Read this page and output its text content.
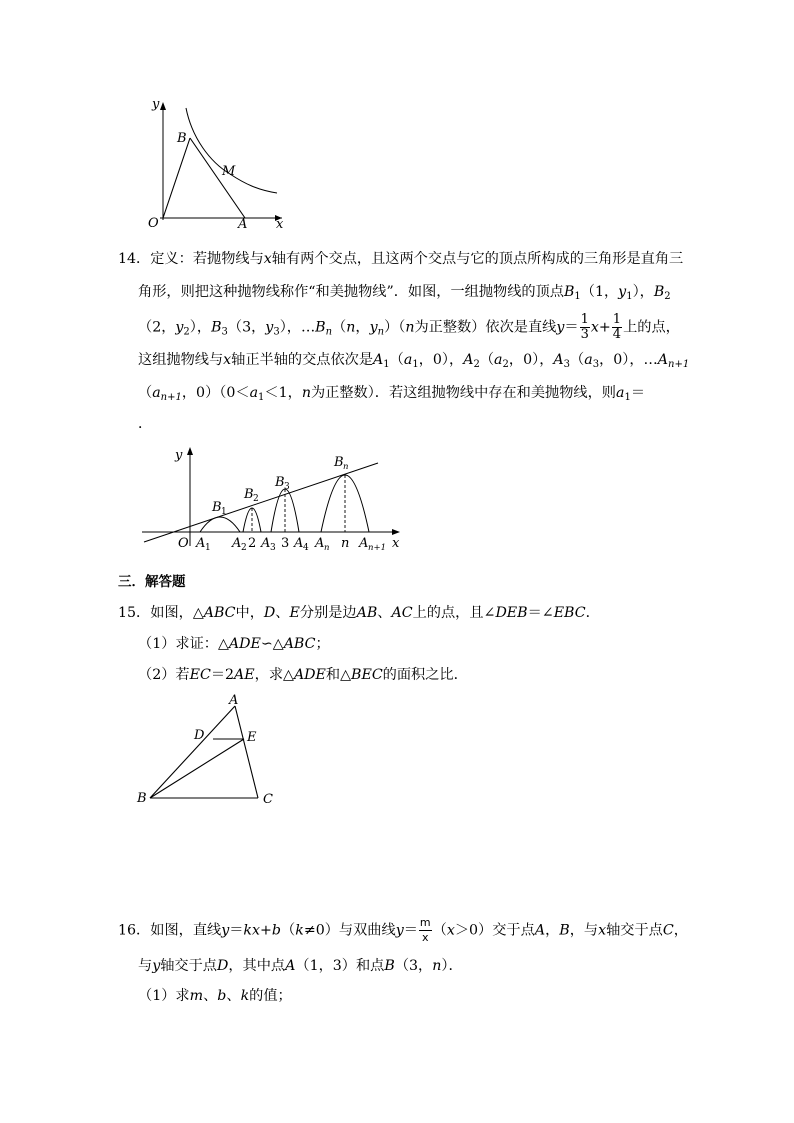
y
x
O	A
B
M
14．定义：若抛物线与x轴有两个交点，且这两个交点与它的顶点所构成的三角形是直角三
角形，则把这种抛物线称作“和美抛物线”．如图，一组抛物线的顶点$B_1(1$，$y_1$），$B_2$
（2，$y_2$），$B_3(3$，$y_3$），$\dots B_n(n$，$y_n)(n$为正整数）依次是直线$y= \frac{1}{3} x+ \frac{1}{4}$ 上的点，
这组抛物线与x轴正半轴的交点依次是$A_1(a_1$，0），$A_2(a_2$，0），$A_3(a_3$，0），$\dots A_{n+1}$
（$a_{n+1}$，$0)(0<a_1<1$，n为正整数）．若这组抛物线中存在和美抛物线，则$a_1=$
．
y
x
O
B 1
B 2
B 3
B n
A 1 A 2 2 A 3 3 A 4 A n n A n+1
三．解答题
15．如图，△ABC中，D、E分别是边AB、AC上的点，且∠DEB＝∠EBC．
（1）求证：△ADE∽△ABC；
（2）若EC＝2AE，求△ADE和△BEC的面积之比．
A
B	C
D	E
16．如图，直线y＝kx+b（k≠0）与双曲线$y= \frac{m}{x} (x>0)$交于点A，B，与x轴交于点C，
与y轴交于点D，其中点A（1，3）和点B（3，n）．
（1）求m、b、k的值；
